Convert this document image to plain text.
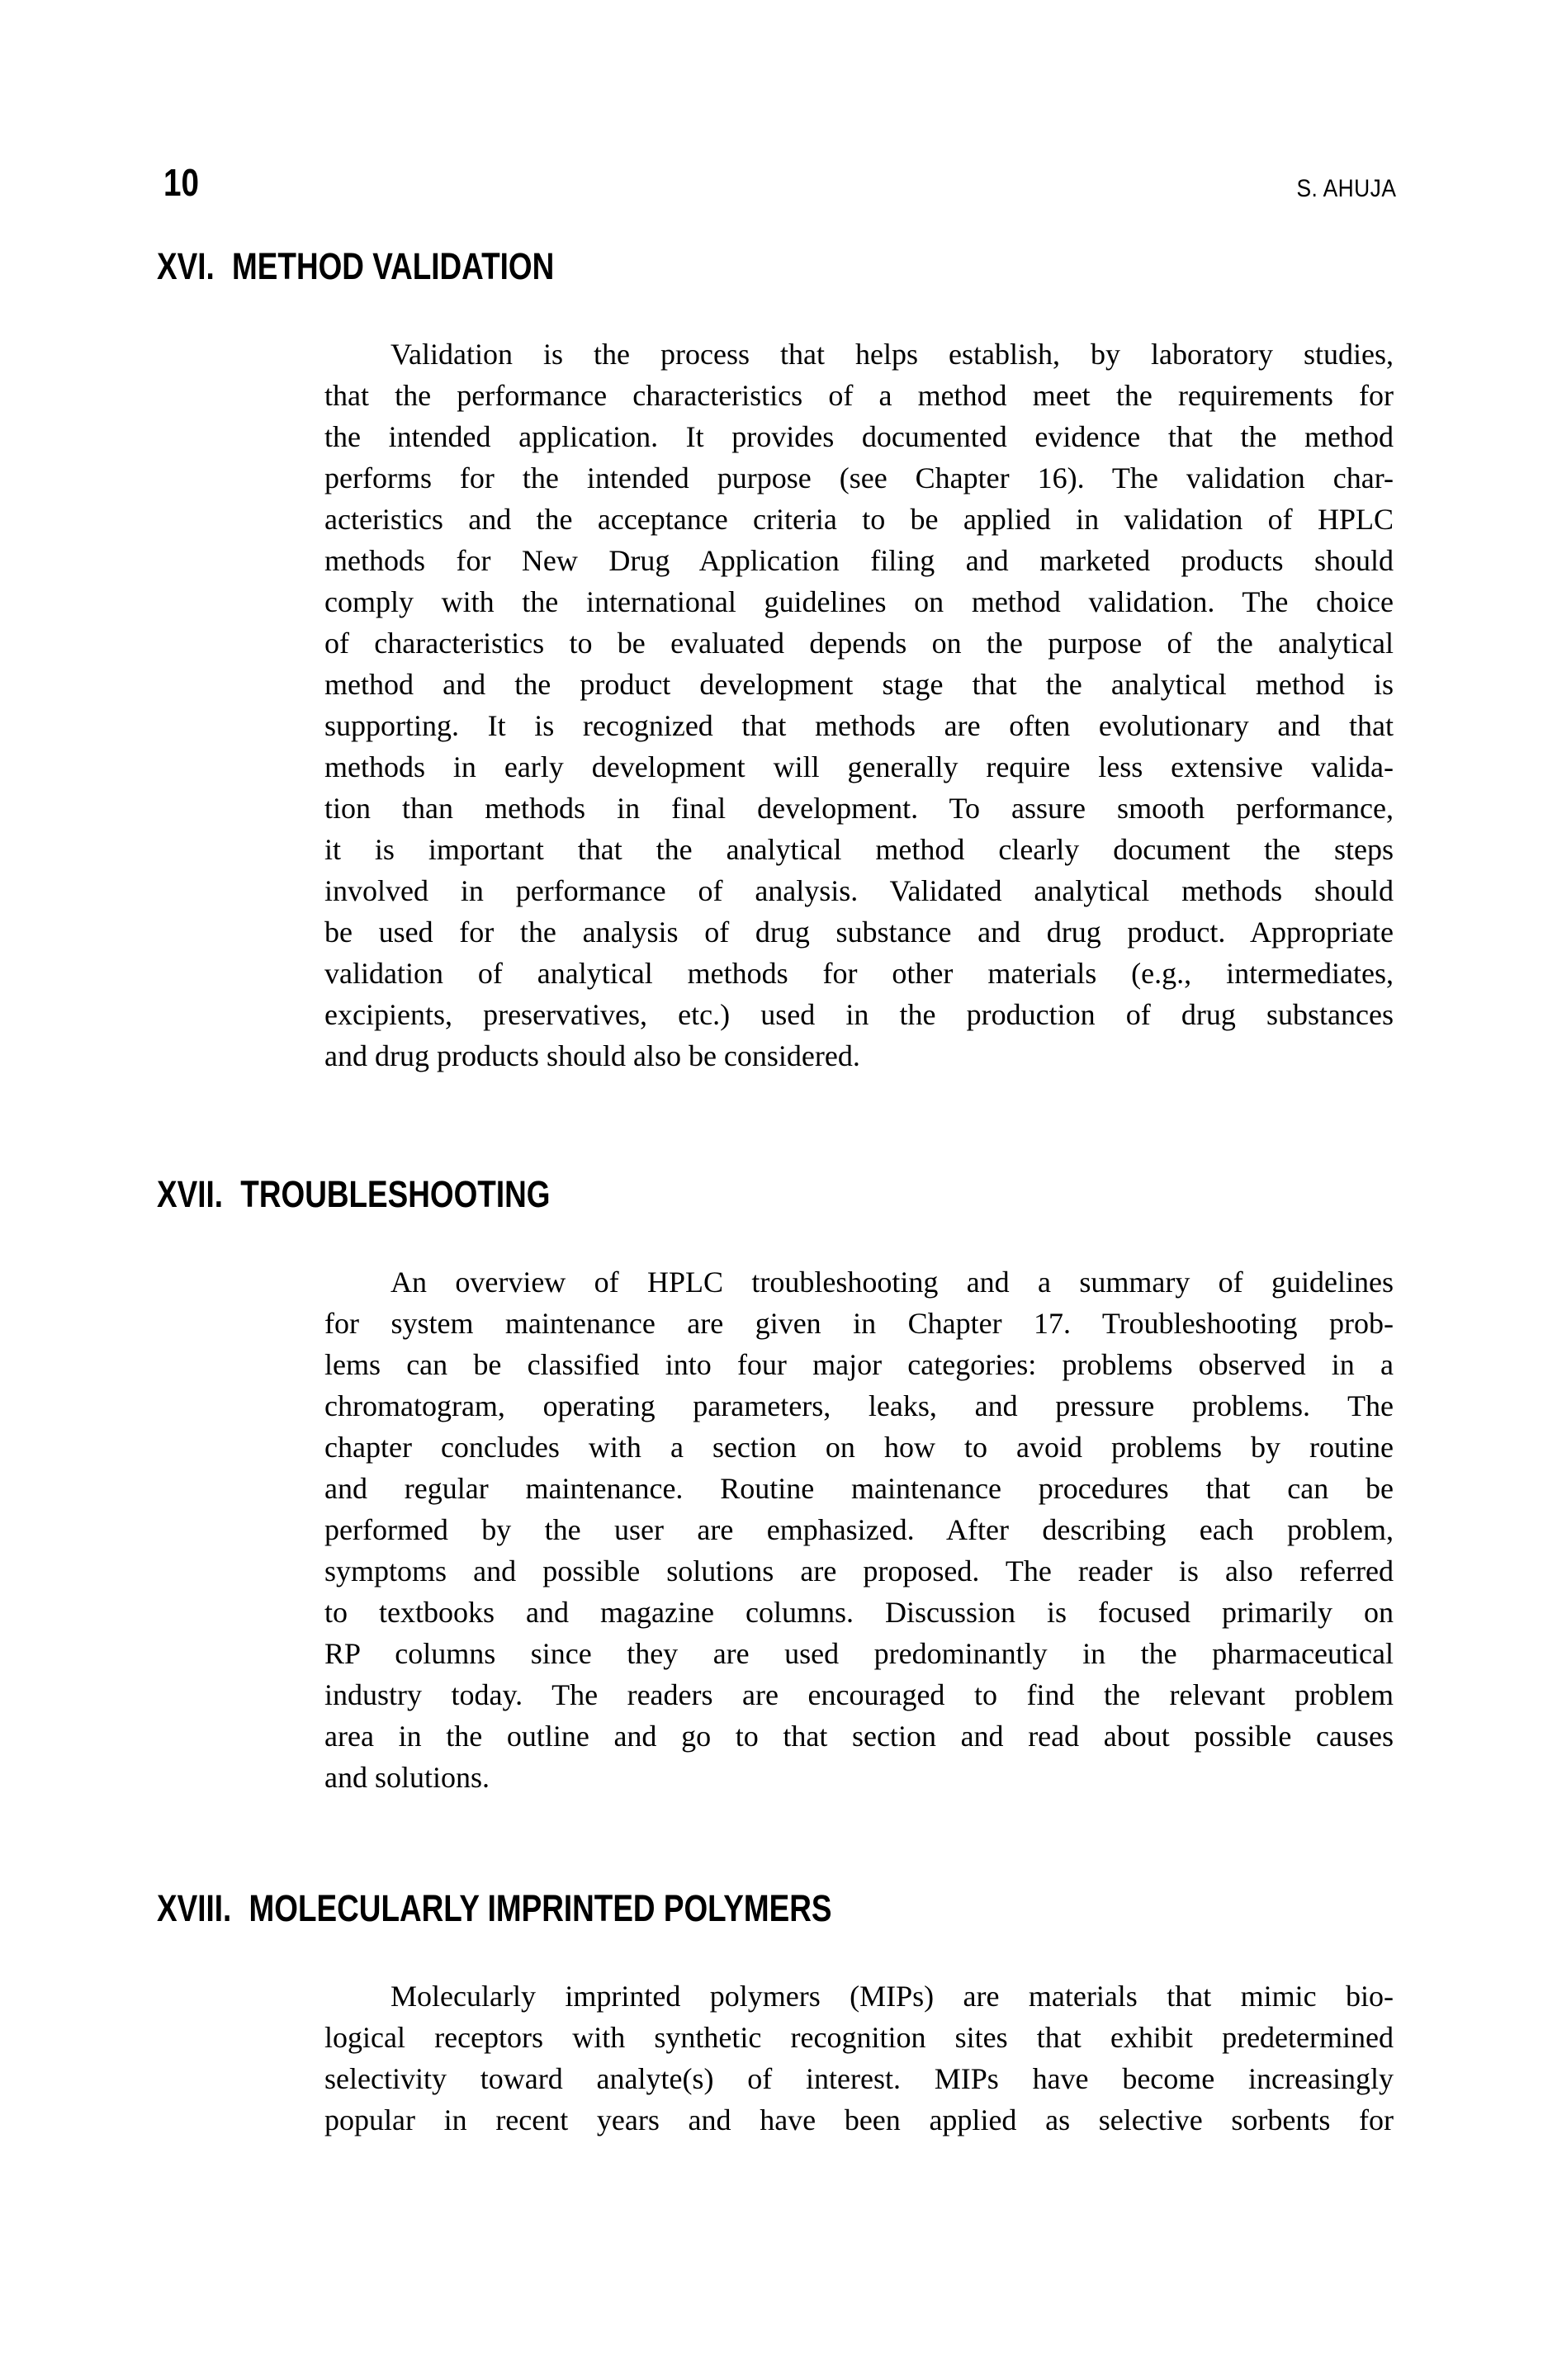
10	S. AHUJA
XVI. METHOD VALIDATION
Validation is the process that helps establish, by laboratory studies,
that the performance characteristics of a method meet the requirements for
the intended application. It provides documented evidence that the method
performs for the intended purpose (see Chapter 16). The validation char-
acteristics and the acceptance criteria to be applied in validation of HPLC
methods for New Drug Application filing and marketed products should
comply with the international guidelines on method validation. The choice
of characteristics to be evaluated depends on the purpose of the analytical
method and the product development stage that the analytical method is
supporting. It is recognized that methods are often evolutionary and that
methods in early development will generally require less extensive valida-
tion than methods in final development. To assure smooth performance,
it is important that the analytical method clearly document the steps
involved in performance of analysis. Validated analytical methods should
be used for the analysis of drug substance and drug product. Appropriate
validation of analytical methods for other materials (e.g., intermediates,
excipients, preservatives, etc.) used in the production of drug substances
and drug products should also be considered.
XVII. TROUBLESHOOTING
An overview of HPLC troubleshooting and a summary of guidelines
for system maintenance are given in Chapter 17. Troubleshooting prob-
lems can be classified into four major categories: problems observed in a
chromatogram, operating parameters, leaks, and pressure problems. The
chapter concludes with a section on how to avoid problems by routine
and regular maintenance. Routine maintenance procedures that can be
performed by the user are emphasized. After describing each problem,
symptoms and possible solutions are proposed. The reader is also referred
to textbooks and magazine columns. Discussion is focused primarily on
RP columns since they are used predominantly in the pharmaceutical
industry today. The readers are encouraged to find the relevant problem
area in the outline and go to that section and read about possible causes
and solutions.
XVIII. MOLECULARLY IMPRINTED POLYMERS
Molecularly imprinted polymers (MIPs) are materials that mimic bio-
logical receptors with synthetic recognition sites that exhibit predetermined
selectivity toward analyte(s) of interest. MIPs have become increasingly
popular in recent years and have been applied as selective sorbents for
